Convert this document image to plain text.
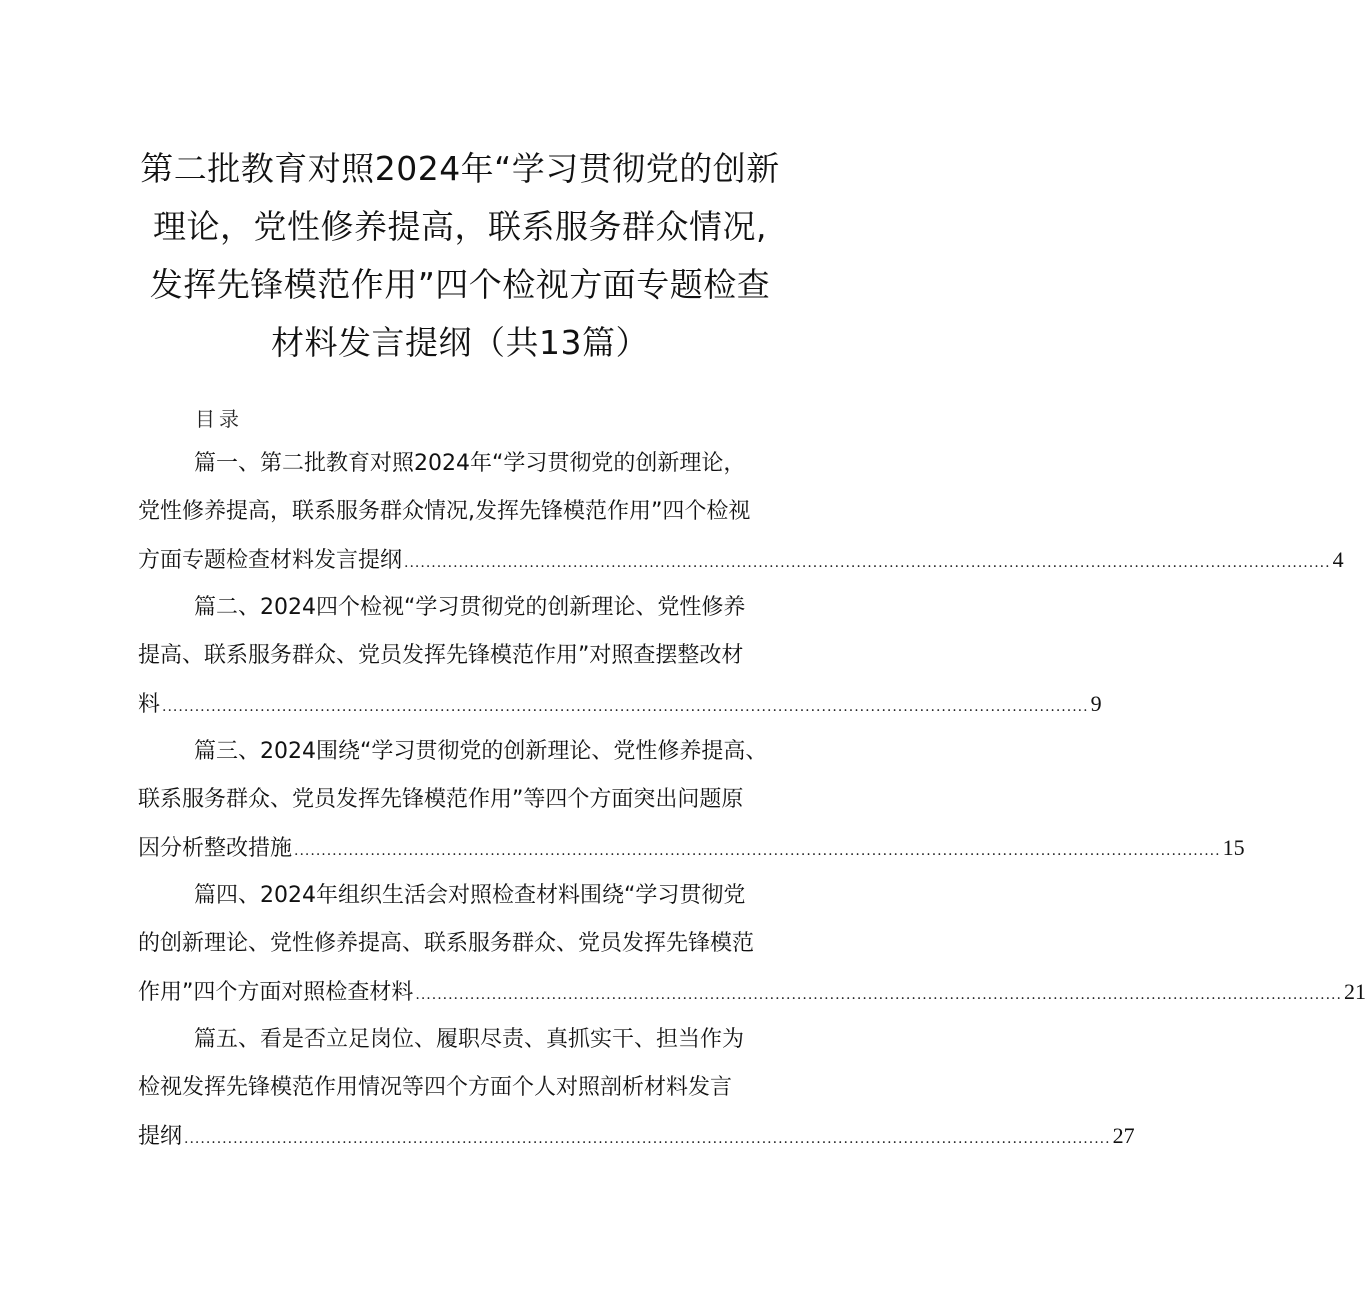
第二批教育对照2024年“学习贯彻党的创新
理论，党性修养提高，联系服务群众情况,
发挥先锋模范作用”四个检视方面专题检查
材料发言提纲（共13篇）
目录
篇一、第二批教育对照2024年“学习贯彻党的创新理论，
党性修养提高，联系服务群众情况,发挥先锋模范作用”四个检视
方面专题检查材料发言提纲 .......................................................................................................................................................................... 4
篇二、2024四个检视“学习贯彻党的创新理论、党性修养
提高、联系服务群众、党员发挥先锋模范作用”对照查摆整改材
料 .......................................................................................................................................................................... 9
篇三、2024围绕“学习贯彻党的创新理论、党性修养提高、
联系服务群众、党员发挥先锋模范作用”等四个方面突出问题原
因分析整改措施 .......................................................................................................................................................................... 15
篇四、2024年组织生活会对照检查材料围绕“学习贯彻党
的创新理论、党性修养提高、联系服务群众、党员发挥先锋模范
作用”四个方面对照检查材料 .......................................................................................................................................................................... 21
篇五、看是否立足岗位、履职尽责、真抓实干、担当作为
检视发挥先锋模范作用情况等四个方面个人对照剖析材料发言
提纲 .......................................................................................................................................................................... 27
